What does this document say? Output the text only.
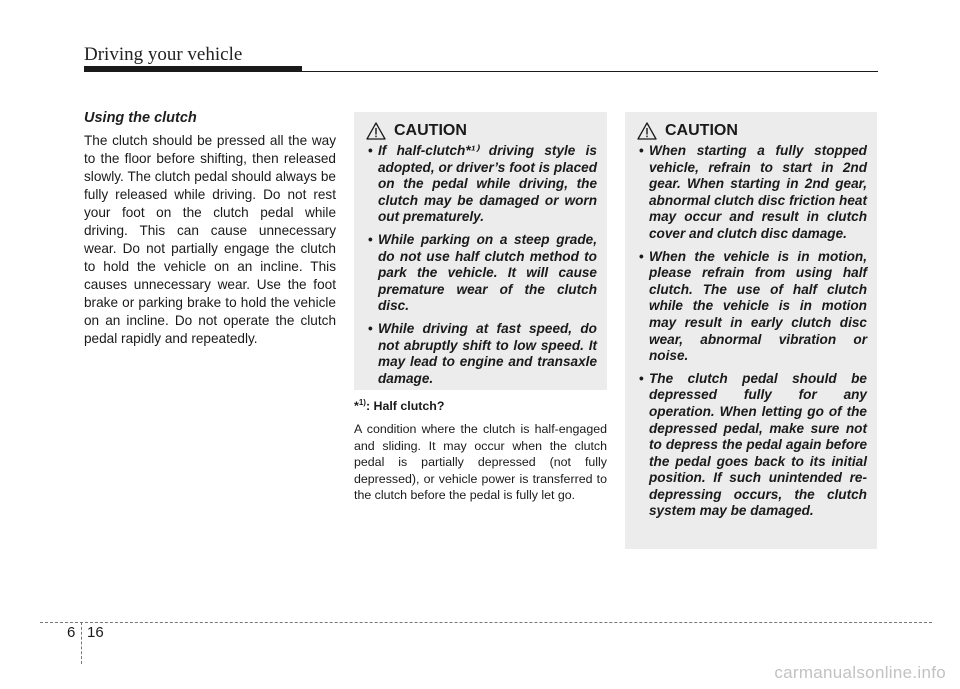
Driving your vehicle

Using the clutch

The clutch should be pressed all the way to the floor before shifting, then released slowly. The clutch pedal should always be fully released while driving. Do not rest your foot on the clutch pedal while driving. This can cause unnecessary wear. Do not partially engage the clutch to hold the vehicle on an incline. This causes unnecessary wear. Use the foot brake or parking brake to hold the vehicle on an incline. Do not operate the clutch pedal rapidly and repeatedly.

CAUTION
• If half-clutch*¹⁾ driving style is adopted, or driver’s foot is placed on the pedal while driving, the clutch may be damaged or worn out prematurely.
• While parking on a steep grade, do not use half clutch method to park the vehicle. It will cause premature wear of the clutch disc.
• While driving at fast speed, do not abruptly shift to low speed. It may lead to engine and transaxle damage.

*$^{1)}$: Half clutch?

A condition where the clutch is half-engaged and sliding. It may occur when the clutch pedal is partially depressed (not fully depressed), or vehicle power is transferred to the clutch before the pedal is fully let go.

CAUTION
• When starting a fully stopped vehicle, refrain to start in 2nd gear. When starting in 2nd gear, abnormal clutch disc friction heat may occur and result in clutch cover and clutch disc damage.
• When the vehicle is in motion, please refrain from using half clutch. The use of half clutch while the vehicle is in motion may result in early clutch disc wear, abnormal vibration or noise.
• The clutch pedal should be depressed fully for any operation. When letting go of the depressed pedal, make sure not to depress the pedal again before the pedal goes back to its initial position. If such unintended re-depressing occurs, the clutch system may be damaged.
6 16
carmanualsonline.info
